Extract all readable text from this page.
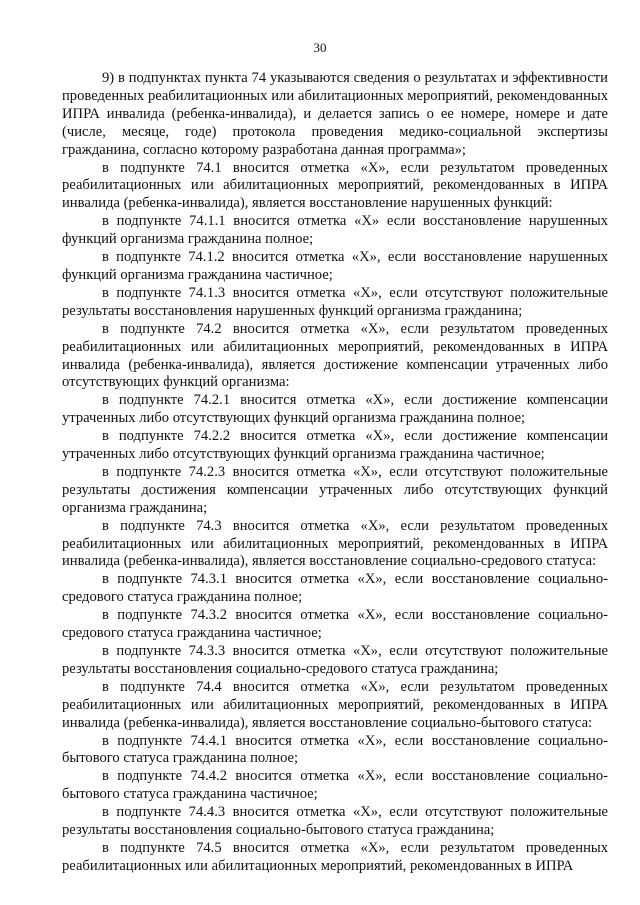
30

9) в подпунктах пункта 74 указываются сведения о результатах и эффективности проведенных реабилитационных или абилитационных мероприятий, рекомендованных ИПРА инвалида (ребенка-инвалида), и делается запись о ее номере, номере и дате (числе, месяце, годе) протокола проведения медико-социальной экспертизы гражданина, согласно которому разработана данная программа»;

в подпункте 74.1 вносится отметка «X», если результатом проведенных реабилитационных или абилитационных мероприятий, рекомендованных в ИПРА инвалида (ребенка-инвалида), является восстановление нарушенных функций:

в подпункте 74.1.1 вносится отметка «X» если восстановление нарушенных функций организма гражданина полное;

в подпункте 74.1.2 вносится отметка «X», если восстановление нарушенных функций организма гражданина частичное;

в подпункте 74.1.3 вносится отметка «X», если отсутствуют положительные результаты восстановления нарушенных функций организма гражданина;

в подпункте 74.2 вносится отметка «X», если результатом проведенных реабилитационных или абилитационных мероприятий, рекомендованных в ИПРА инвалида (ребенка-инвалида), является достижение компенсации утраченных либо отсутствующих функций организма:

в подпункте 74.2.1 вносится отметка «X», если достижение компенсации утраченных либо отсутствующих функций организма гражданина полное;

в подпункте 74.2.2 вносится отметка «X», если достижение компенсации утраченных либо отсутствующих функций организма гражданина частичное;

в подпункте 74.2.3 вносится отметка «X», если отсутствуют положительные результаты достижения компенсации утраченных либо отсутствующих функций организма гражданина;

в подпункте 74.3 вносится отметка «X», если результатом проведенных реабилитационных или абилитационных мероприятий, рекомендованных в ИПРА инвалида (ребенка-инвалида), является восстановление социально-средового статуса:

в подпункте 74.3.1 вносится отметка «X», если восстановление социально-средового статуса гражданина полное;

в подпункте 74.3.2 вносится отметка «X», если восстановление социально-средового статуса гражданина частичное;

в подпункте 74.3.3 вносится отметка «X», если отсутствуют положительные результаты восстановления социально-средового статуса гражданина;

в подпункте 74.4 вносится отметка «X», если результатом проведенных реабилитационных или абилитационных мероприятий, рекомендованных в ИПРА инвалида (ребенка-инвалида), является восстановление социально-бытового статуса:

в подпункте 74.4.1 вносится отметка «X», если восстановление социально-бытового статуса гражданина полное;

в подпункте 74.4.2 вносится отметка «X», если восстановление социально-бытового статуса гражданина частичное;

в подпункте 74.4.3 вносится отметка «X», если отсутствуют положительные результаты восстановления социально-бытового статуса гражданина;

в подпункте 74.5 вносится отметка «X», если результатом проведенных реабилитационных или абилитационных мероприятий, рекомендованных в ИПРА
